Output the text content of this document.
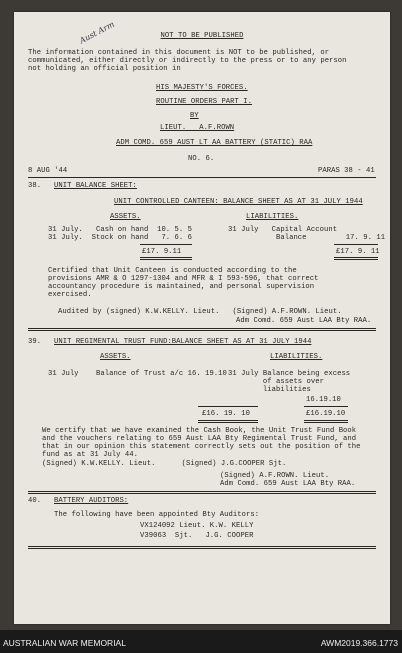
NOT TO BE PUBLISHED
Aust Arm
The information contained in this document is NOT to be published, or
communicated, either directly or indirectly to the press or to any person
not holding an official position in
HIS MAJESTY'S FORCES.
ROUTINE ORDERS PART I.
BY
LIEUT.   A.F.ROWN
ADM COMD. 659 AUST LT AA BATTERY (STATIC) RAA
NO. 6.
8 AUG '44	PARAS 38 - 41
38. UNIT BALANCE SHEET:
UNIT CONTROLLED CANTEEN: BALANCE SHEET AS AT 31 JULY 1944
ASSETS.	LIABILITIES.
31 July.   Cash on hand  10. 5. 5
31 July.  Stock on hand   7. 6. 6
31 July   Capital Account
Balance         17. 9. 11
£17. 9.11	£17. 9. 11
Certified that Unit Canteen is conducted according to the
provisions AMR & O 1297-1304 and MFR & I 593-596, that correct
accountancy procedure is maintained, and personal supervision
exercised.
Audited by (signed) K.W.KELLY. Lieut.   (Signed) A.F.ROWN. Lieut.
Adm Comd. 659 Aust LAA Bty RAA.
39. UNIT REGIMENTAL TRUST FUND:BALANCE SHEET AS AT 31 JULY 1944
ASSETS.	LIABILITIES.
31 July    Balance of Trust a/c 16. 19.10 31 July Balance being excess
of assets over
liabilities
16.19.10
£16. 19. 10	£16.19.10
We certify that we have examined the Cash Book, the Unit Trust Fund Book
and the vouchers relating to 659 Aust LAA Bty Regimental Trust Fund, and
that in our opinion this statement correctly sets out the position of the
fund as at 31 July 44.
(Signed) K.W.KELLY. Lieut.      (Signed) J.G.COOPER Sjt.
(Signed) A.F.ROWN. Lieut.
Adm Comd. 659 Aust LAA Bty RAA.
40. BATTERY AUDITORS:
The following have been appointed Bty Auditors:
VX124092 Lieut. K.W. KELLY
V39063  Sjt.   J.G. COOPER
AUSTRALIAN WAR MEMORIAL	AWM2019.366.1773
